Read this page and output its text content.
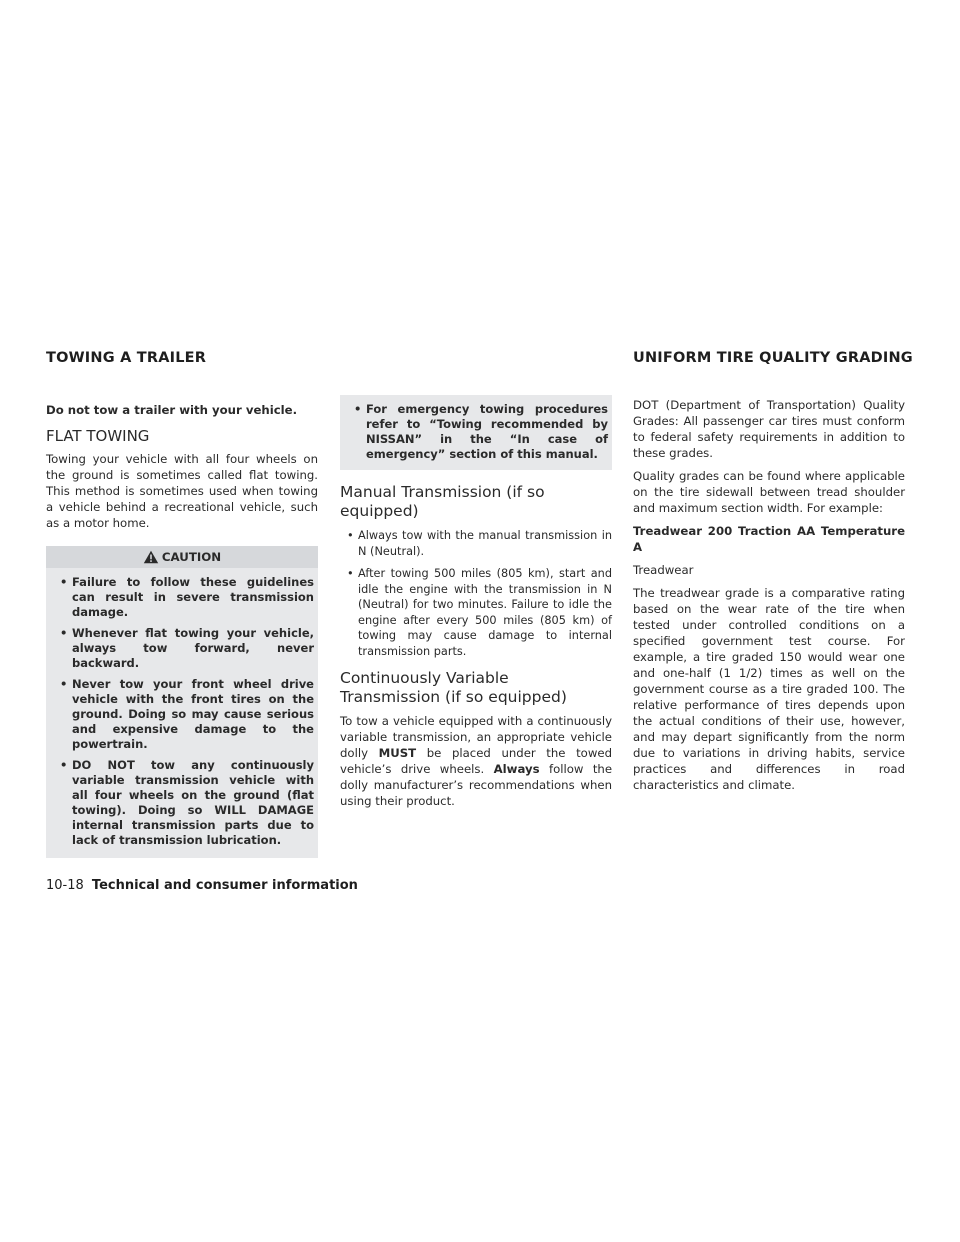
TOWING A TRAILER	UNIFORM TIRE QUALITY GRADING

Do not tow a trailer with your vehicle.

FLAT TOWING

Towing your vehicle with all four wheels on the ground is sometimes called flat towing. This method is sometimes used when towing a vehicle behind a recreational vehicle, such as a motor home.

CAUTION
• Failure to follow these guidelines can result in severe transmission damage.
• Whenever flat towing your vehicle, always tow forward, never backward.
• Never tow your front wheel drive vehicle with the front tires on the ground. Doing so may cause serious and expensive damage to the powertrain.
• DO NOT tow any continuously variable transmission vehicle with all four wheels on the ground (flat towing). Doing so WILL DAMAGE internal transmission parts due to lack of transmission lubrication.
• For emergency towing procedures refer to “Towing recommended by NISSAN” in the “In case of emergency” section of this manual.
Manual Transmission (if so equipped)
• Always tow with the manual transmission in N (Neutral).
• After towing 500 miles (805 km), start and idle the engine with the transmission in N (Neutral) for two minutes. Failure to idle the engine after every 500 miles (805 km) of towing may cause damage to internal transmission parts.
Continuously Variable Transmission (if so equipped)

To tow a vehicle equipped with a continuously variable transmission, an appropriate vehicle dolly MUST be placed under the towed vehicle’s drive wheels. Always follow the dolly manufacturer’s recommendations when using their product.

DOT (Department of Transportation) Quality Grades: All passenger car tires must conform to federal safety requirements in addition to these grades.

Quality grades can be found where applicable on the tire sidewall between tread shoulder and maximum section width. For example:

Treadwear 200 Traction AA Temperature A

Treadwear

The treadwear grade is a comparative rating based on the wear rate of the tire when tested under controlled conditions on a specified government test course. For example, a tire graded 150 would wear one and one-half (1 1/2) times as well on the government course as a tire graded 100. The relative performance of tires depends upon the actual conditions of their use, however, and may depart significantly from the norm due to variations in driving habits, service practices and differences in road characteristics and climate.

10-18 Technical and consumer information
